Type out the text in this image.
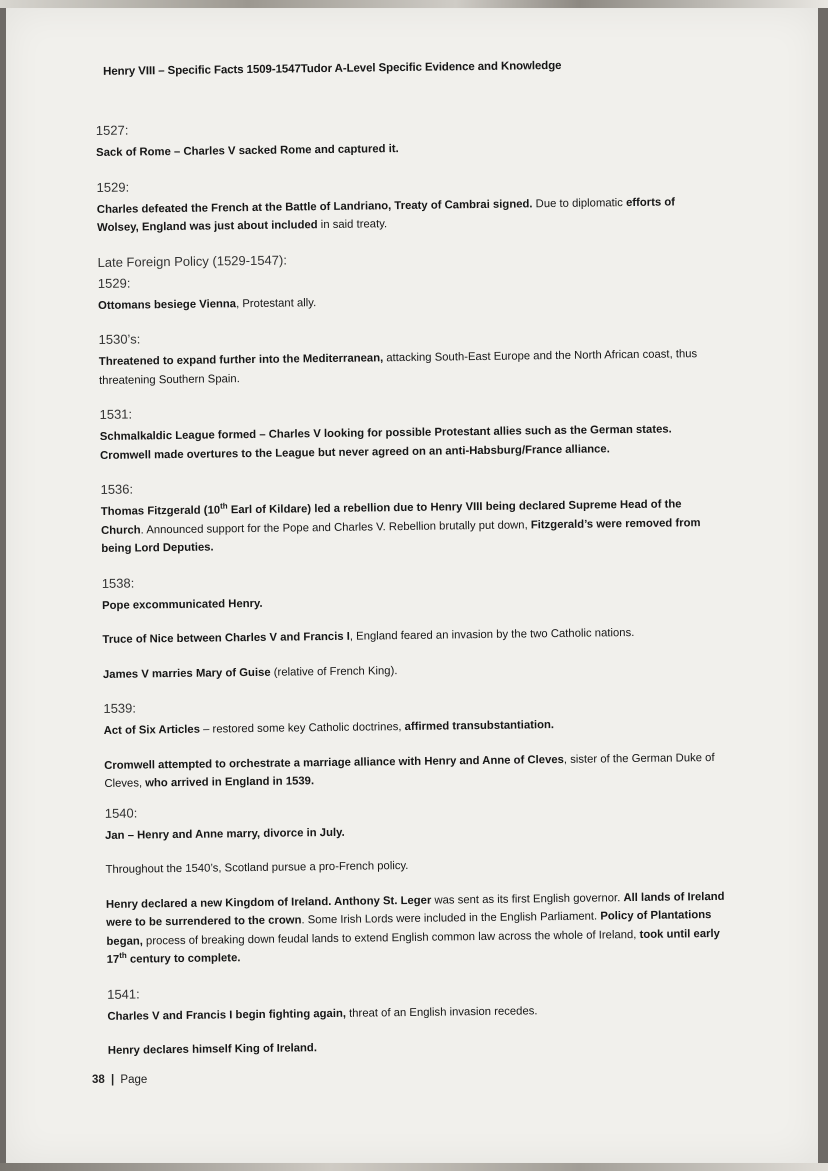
Henry VIII – Specific Facts 1509-1547Tudor A-Level Specific Evidence and Knowledge
1527:
Sack of Rome – Charles V sacked Rome and captured it.
1529:
Charles defeated the French at the Battle of Landriano, Treaty of Cambrai signed. Due to diplomatic efforts of Wolsey, England was just about included in said treaty.
Late Foreign Policy (1529-1547):
1529:
Ottomans besiege Vienna, Protestant ally.
1530’s:
Threatened to expand further into the Mediterranean, attacking South-East Europe and the North African coast, thus threatening Southern Spain.
1531:
Schmalkaldic League formed – Charles V looking for possible Protestant allies such as the German states. Cromwell made overtures to the League but never agreed on an anti-Habsburg/France alliance.
1536:
Thomas Fitzgerald (10th Earl of Kildare) led a rebellion due to Henry VIII being declared Supreme Head of the Church. Announced support for the Pope and Charles V. Rebellion brutally put down, Fitzgerald’s were removed from being Lord Deputies.
1538:
Pope excommunicated Henry.
Truce of Nice between Charles V and Francis I, England feared an invasion by the two Catholic nations.
James V marries Mary of Guise (relative of French King).
1539:
Act of Six Articles – restored some key Catholic doctrines, affirmed transubstantiation.
Cromwell attempted to orchestrate a marriage alliance with Henry and Anne of Cleves, sister of the German Duke of Cleves, who arrived in England in 1539.
1540:
Jan – Henry and Anne marry, divorce in July.
Throughout the 1540’s, Scotland pursue a pro-French policy.
Henry declared a new Kingdom of Ireland. Anthony St. Leger was sent as its first English governor. All lands of Ireland were to be surrendered to the crown. Some Irish Lords were included in the English Parliament. Policy of Plantations began, process of breaking down feudal lands to extend English common law across the whole of Ireland, took until early 17th century to complete.
1541:
Charles V and Francis I begin fighting again, threat of an English invasion recedes.
Henry declares himself King of Ireland.
38 | Page
